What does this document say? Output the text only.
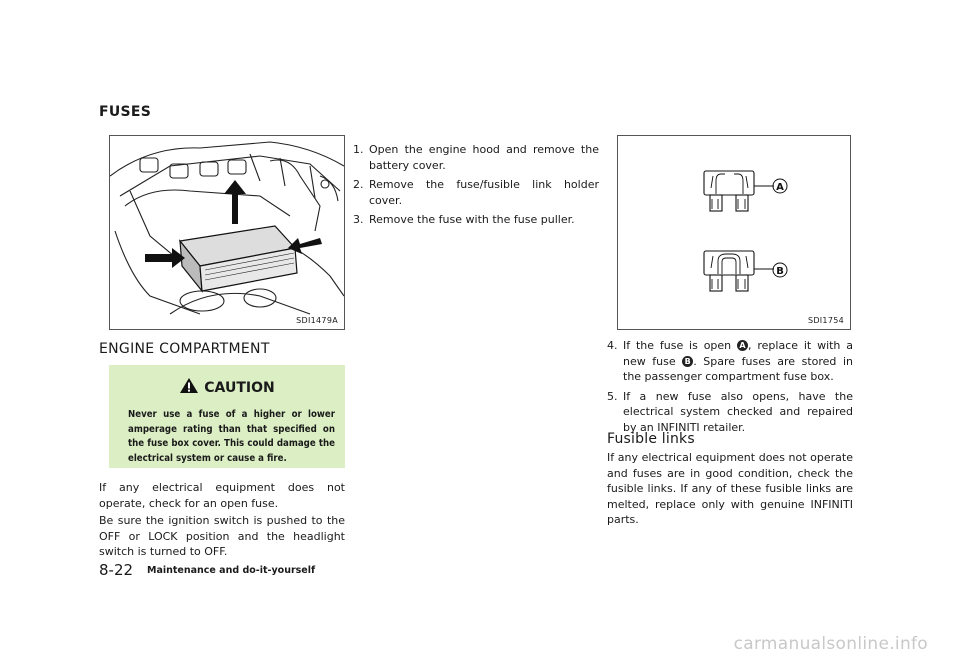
FUSES
SDI1479A
ENGINE COMPARTMENT
CAUTION
Never use a fuse of a higher or lower amperage rating than that specified on the fuse box cover. This could damage the electrical system or cause a fire.
If any electrical equipment does not operate, check for an open fuse.
Be sure the ignition switch is pushed to the OFF or LOCK position and the headlight switch is turned to OFF.
1. Open the engine hood and remove the battery cover.
2. Remove the fuse/fusible link holder cover.
3. Remove the fuse with the fuse puller.
A
B
SDI1754
4. If the fuse is open A , replace it with a new fuse B . Spare fuses are stored in the passenger compartment fuse box.
5. If a new fuse also opens, have the electrical system checked and repaired by an INFINITI retailer.
Fusible links
If any electrical equipment does not operate and fuses are in good condition, check the fusible links. If any of these fusible links are melted, replace only with genuine INFINITI parts.
8-22 Maintenance and do-it-yourself
carmanualsonline.info
